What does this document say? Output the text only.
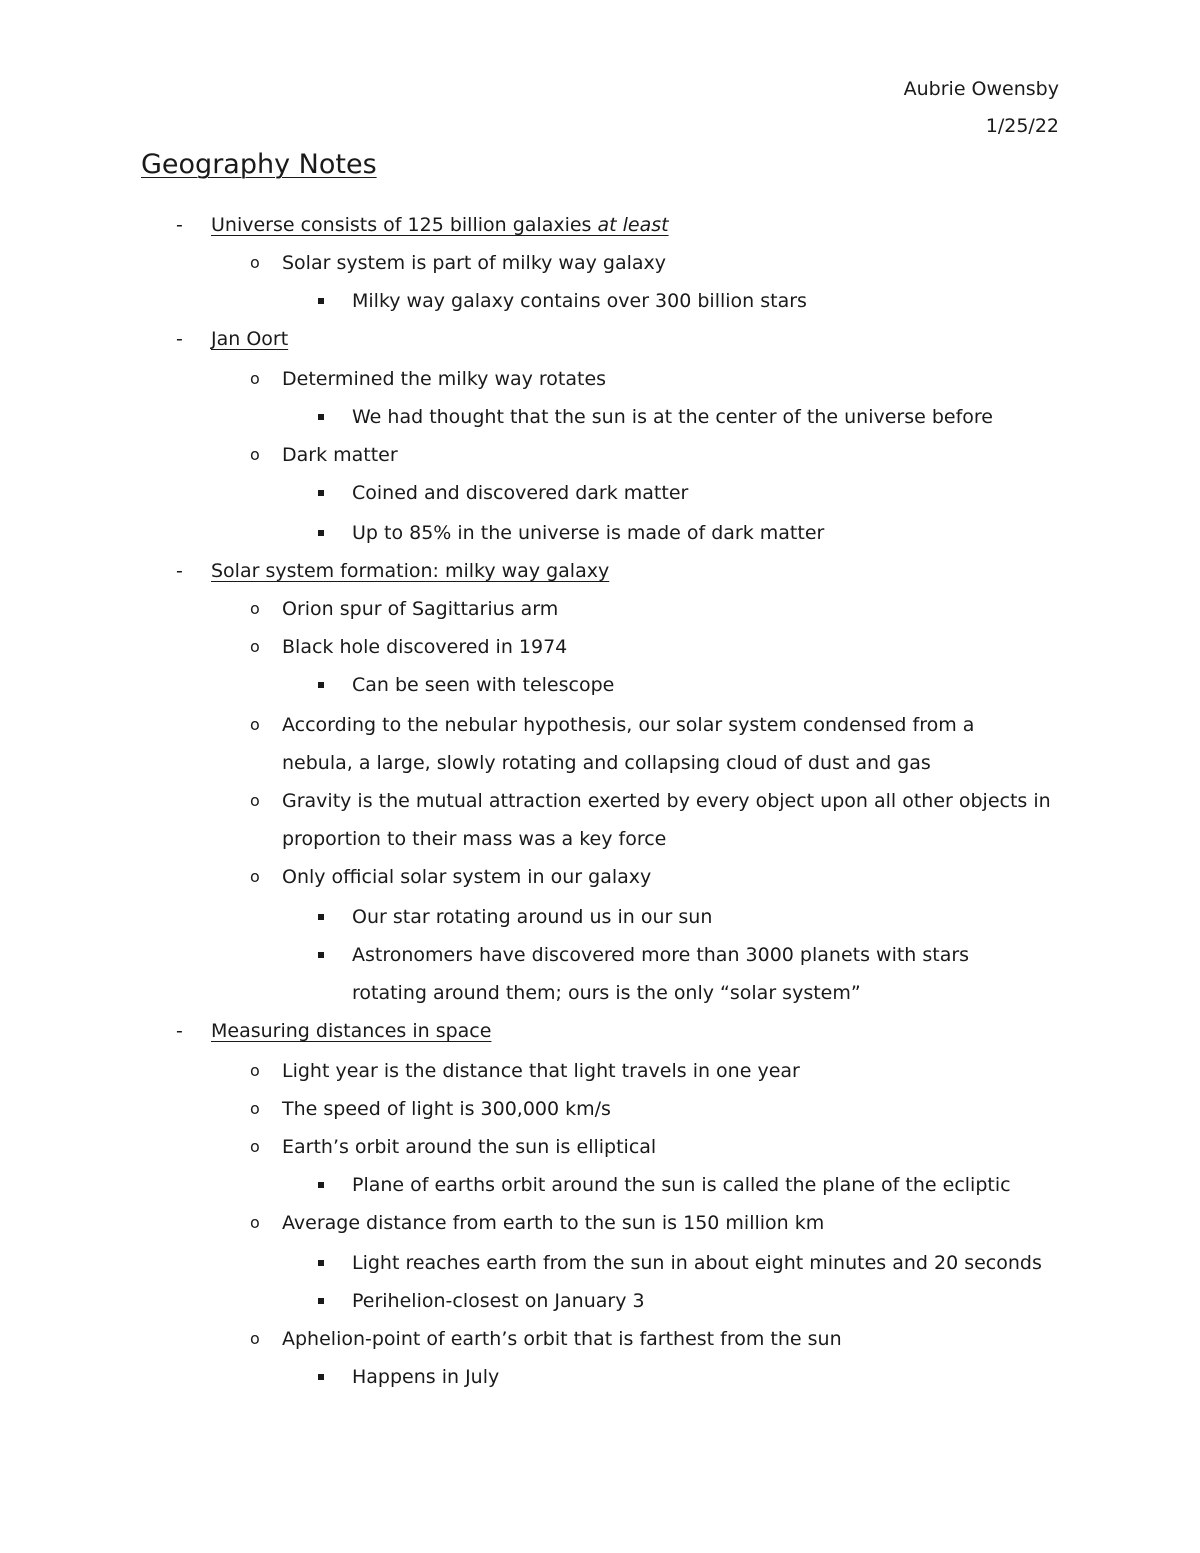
Aubrie Owensby
1/25/22
Geography Notes
-
Universe consists of 125 billion galaxies at least
o
Solar system is part of milky way galaxy
Milky way galaxy contains over 300 billion stars
-
Jan Oort
o
Determined the milky way rotates
We had thought that the sun is at the center of the universe before
o
Dark matter
Coined and discovered dark matter
Up to 85% in the universe is made of dark matter
-
Solar system formation: milky way galaxy
o
Orion spur of Sagittarius arm
o
Black hole discovered in 1974
Can be seen with telescope
o
According to the nebular hypothesis, our solar system condensed from a
nebula, a large, slowly rotating and collapsing cloud of dust and gas
o
Gravity is the mutual attraction exerted by every object upon all other objects in
proportion to their mass was a key force
o
Only official solar system in our galaxy
Our star rotating around us in our sun
Astronomers have discovered more than 3000 planets with stars
rotating around them; ours is the only “solar system”
-
Measuring distances in space
o
Light year is the distance that light travels in one year
o
The speed of light is 300,000 km/s
o
Earth’s orbit around the sun is elliptical
Plane of earths orbit around the sun is called the plane of the ecliptic
o
Average distance from earth to the sun is 150 million km
Light reaches earth from the sun in about eight minutes and 20 seconds
Perihelion-closest on January 3
o
Aphelion-point of earth’s orbit that is farthest from the sun
Happens in July
